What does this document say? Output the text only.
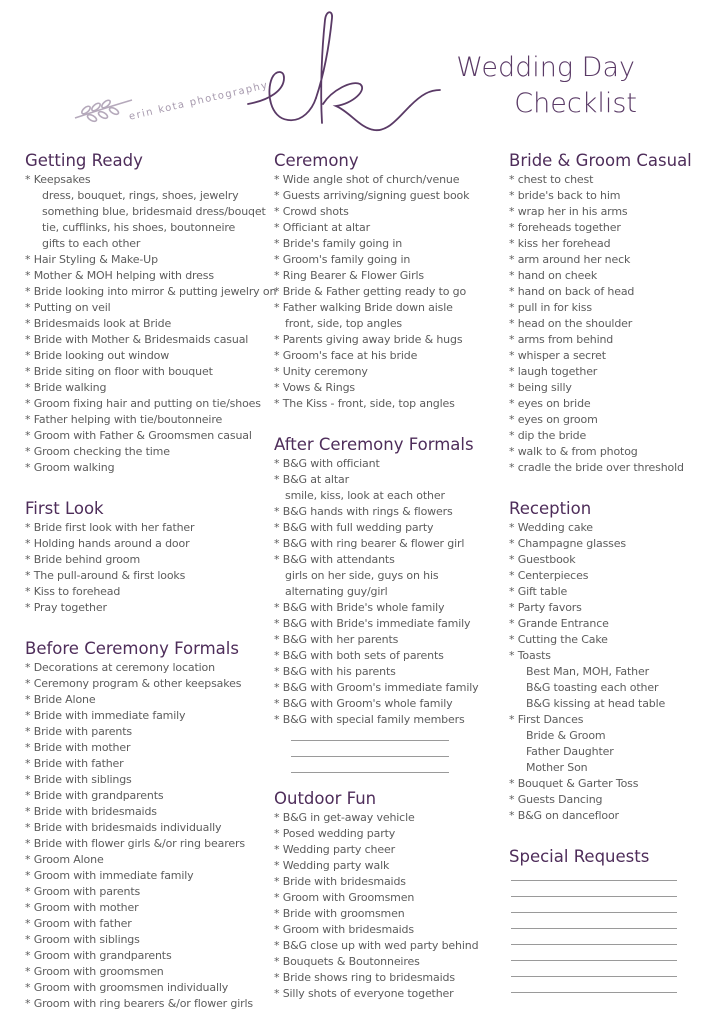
erin kota photography
Wedding Day

Checklist
Getting Ready
* Keepsakes
dress, bouquet, rings, shoes, jewelry
something blue, bridesmaid dress/bouqet
tie, cufflinks, his shoes, boutonneire
gifts to each other
* Hair Styling & Make-Up
* Mother & MOH helping with dress
* Bride looking into mirror & putting jewelry on
* Putting on veil
* Bridesmaids look at Bride
* Bride with Mother & Bridesmaids casual
* Bride looking out window
* Bride siting on floor with bouquet
* Bride walking
* Groom fixing hair and putting on tie/shoes
* Father helping with tie/boutonneire
* Groom with Father & Groomsmen casual
* Groom checking the time
* Groom walking
First Look
* Bride first look with her father
* Holding hands around a door
* Bride behind groom
* The pull-around & first looks
* Kiss to forehead
* Pray together
Before Ceremony Formals
* Decorations at ceremony location
* Ceremony program & other keepsakes
* Bride Alone
* Bride with immediate family
* Bride with parents
* Bride with mother
* Bride with father
* Bride with siblings
* Bride with grandparents
* Bride with bridesmaids
* Bride with bridesmaids individually
* Bride with flower girls &/or ring bearers
* Groom Alone
* Groom with immediate family
* Groom with parents
* Groom with mother
* Groom with father
* Groom with siblings
* Groom with grandparents
* Groom with groomsmen
* Groom with groomsmen individually
* Groom with ring bearers &/or flower girls
Ceremony
* Wide angle shot of church/venue
* Guests arriving/signing guest book
* Crowd shots
* Officiant at altar
* Bride's family going in
* Groom's family going in
* Ring Bearer & Flower Girls
* Bride & Father getting ready to go
* Father walking Bride down aisle
front, side, top angles
* Parents giving away bride & hugs
* Groom's face at his bride
* Unity ceremony
* Vows & Rings
* The Kiss - front, side, top angles
After Ceremony Formals
* B&G with officiant
* B&G at altar
smile, kiss, look at each other
* B&G hands with rings & flowers
* B&G with full wedding party
* B&G with ring bearer & flower girl
* B&G with attendants
girls on her side, guys on his
alternating guy/girl
* B&G with Bride's whole family
* B&G with Bride's immediate family
* B&G with her parents
* B&G with both sets of parents
* B&G with his parents
* B&G with Groom's immediate family
* B&G with Groom's whole family
* B&G with special family members
Outdoor Fun
* B&G in get-away vehicle
* Posed wedding party
* Wedding party cheer
* Wedding party walk
* Bride with bridesmaids
* Groom with Groomsmen
* Bride with groomsmen
* Groom with bridesmaids
* B&G close up with wed party behind
* Bouquets & Boutonneires
* Bride shows ring to bridesmaids
* Silly shots of everyone together
Bride & Groom Casual
* chest to chest
* bride's back to him
* wrap her in his arms
* foreheads together
* kiss her forehead
* arm around her neck
* hand on cheek
* hand on back of head
* pull in for kiss
* head on the shoulder
* arms from behind
* whisper a secret
* laugh together
* being silly
* eyes on bride
* eyes on groom
* dip the bride
* walk to & from photog
* cradle the bride over threshold
Reception
* Wedding cake
* Champagne glasses
* Guestbook
* Centerpieces
* Gift table
* Party favors
* Grande Entrance
* Cutting the Cake
* Toasts
Best Man, MOH, Father
B&G toasting each other
B&G kissing at head table
* First Dances
Bride & Groom
Father Daughter
Mother Son
* Bouquet & Garter Toss
* Guests Dancing
* B&G on dancefloor
Special Requests
